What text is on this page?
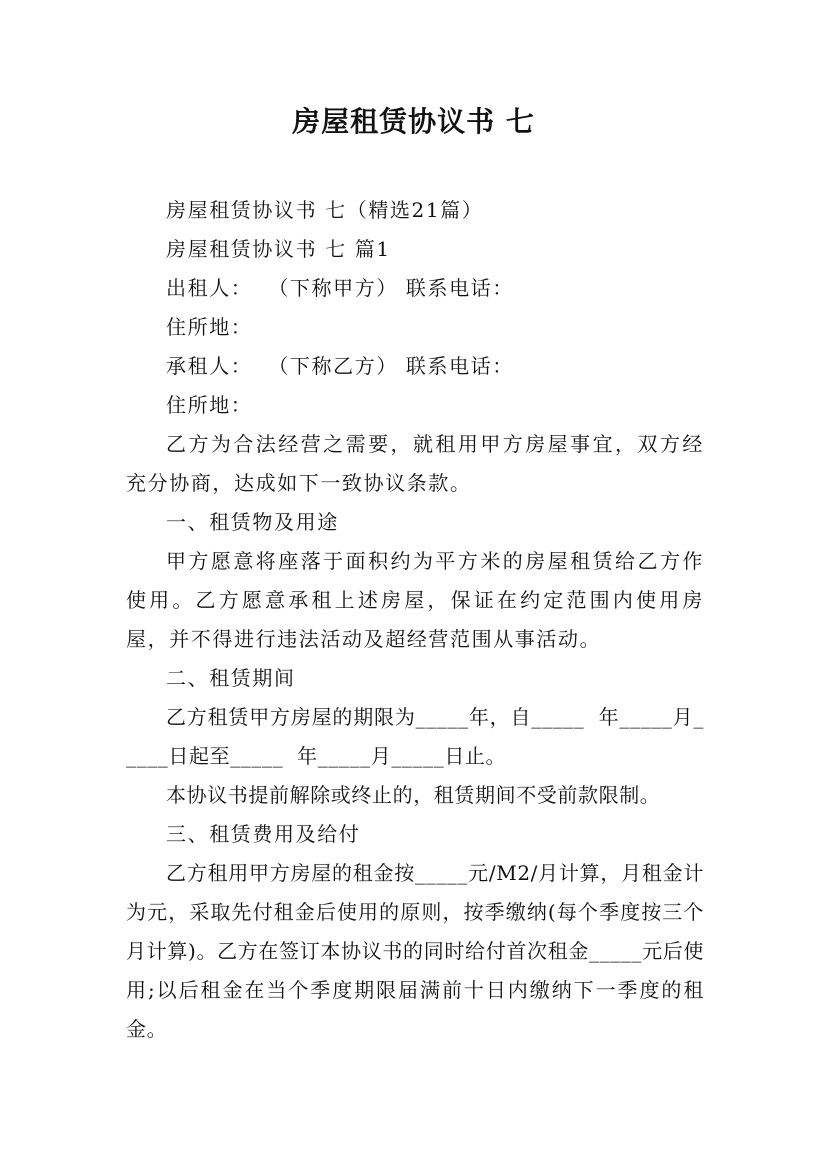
房屋租赁协议书 七

房屋租赁协议书 七（精选21篇）

房屋租赁协议书 七 篇1

出租人：  （下称甲方） 联系电话：

住所地：

承租人：  （下称乙方） 联系电话：

住所地：

乙方为合法经营之需要，就租用甲方房屋事宜，双方经充分协商，达成如下一致协议条款。

一、租赁物及用途

甲方愿意将座落于面积约为平方米的房屋租赁给乙方作使用。乙方愿意承租上述房屋，保证在约定范围内使用房屋，并不得进行违法活动及超经营范围从事活动。

二、租赁期间

乙方租赁甲方房屋的期限为_____年，自_____  年_____月_____日起至_____  年_____月_____日止。

本协议书提前解除或终止的，租赁期间不受前款限制。

三、租赁费用及给付

乙方租用甲方房屋的租金按_____元/M2/月计算，月租金计为元，采取先付租金后使用的原则，按季缴纳(每个季度按三个月计算)。乙方在签订本协议书的同时给付首次租金_____元后使用;以后租金在当个季度期限届满前十日内缴纳下一季度的租金。
